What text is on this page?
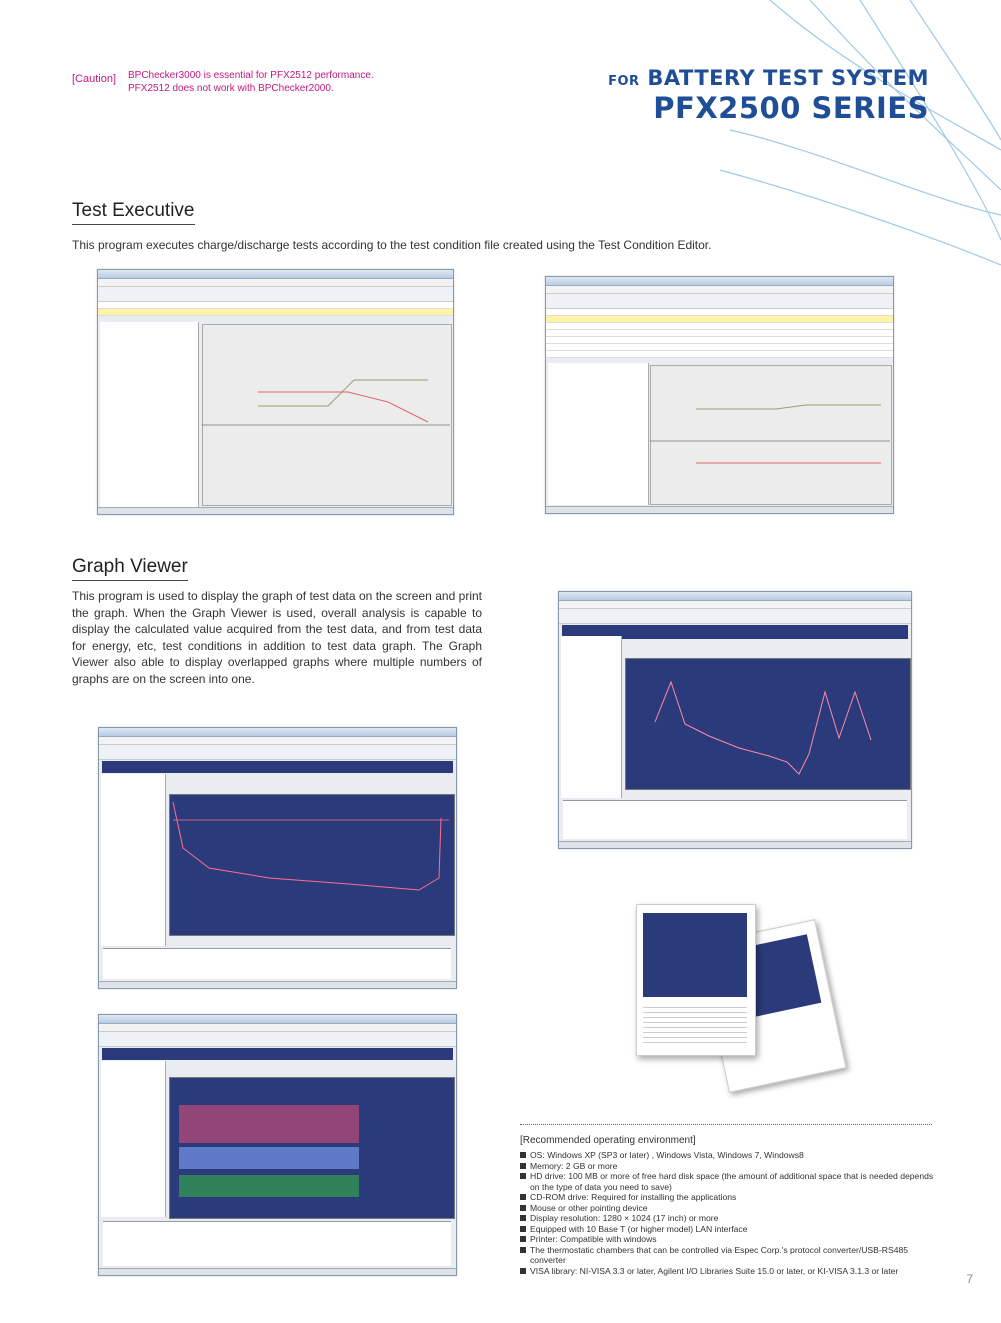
[Caution] BPChecker3000 is essential for PFX2512 performance.
PFX2512 does not work with BPChecker2000.	for BATTERY TEST SYSTEM
PFX2500 SERIES
Test Executive
This program executes charge/discharge tests according to the test condition file created using the Test Condition Editor.
Graph Viewer
This program is used to display the graph of test data on the screen and print the graph. When the Graph Viewer is used, overall analysis is capable to display the calculated value acquired from the test data, and from test data for energy, etc, test conditions in addition to test data graph. The Graph Viewer also able to display overlapped graphs where multiple numbers of graphs are on the screen into one.
[Recommended operating environment]
OS: Windows XP (SP3 or later) , Windows Vista, Windows 7, Windows8
Memory: 2 GB or more
HD drive: 100 MB or more of free hard disk space (the amount of additional space that is needed depends on the type of data you need to save)
CD-ROM drive: Required for installing the applications
Mouse or other pointing device
Display resolution: 1280 × 1024 (17 inch) or more
Equipped with 10 Base T (or higher model) LAN interface
Printer: Compatible with windows
The thermostatic chambers that can be controlled via Espec Corp.'s protocol converter/USB-RS485 converter
VISA library: NI-VISA 3.3 or later, Agilent I/O Libraries Suite 15.0 or later, or KI-VISA 3.1.3 or later
7
